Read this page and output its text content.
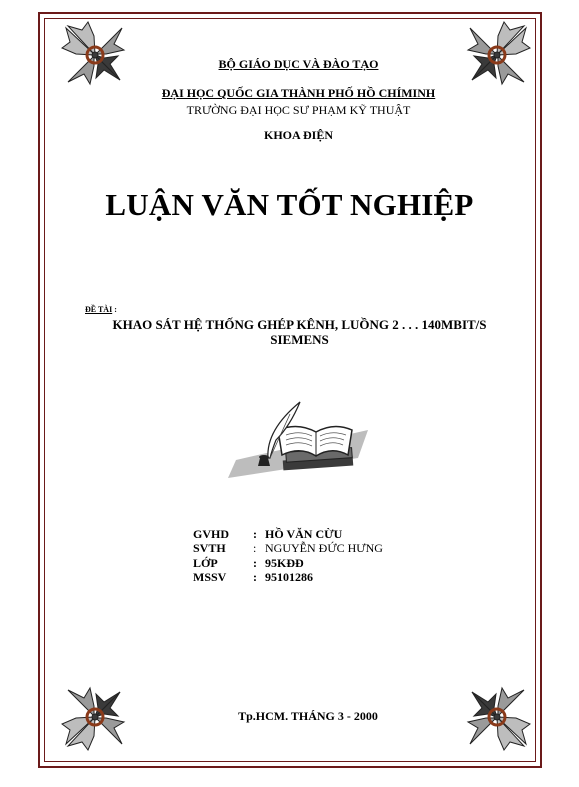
BỘ GIÁO DỤC VÀ ĐÀO TẠO
ĐẠI HỌC QUỐC GIA THÀNH PHỐ HỒ CHÍMINH
TRƯỜNG ĐẠI HỌC SƯ PHẠM KỸ THUẬT
KHOA ĐIỆN
LUẬN VĂN TỐT NGHIỆP
ĐỀ TÀI :
KHAO SÁT HỆ THỐNG GHÉP KÊNH, LUỒNG 2 . . . 140MBIT/S
SIEMENS
GVHD : HỒ VĂN CỪU
SVTH : NGUYỄN ĐỨC HƯNG
LỚP	: 95KĐĐ
MSSV : 95101286
Tp.HCM. THÁNG 3 - 2000
